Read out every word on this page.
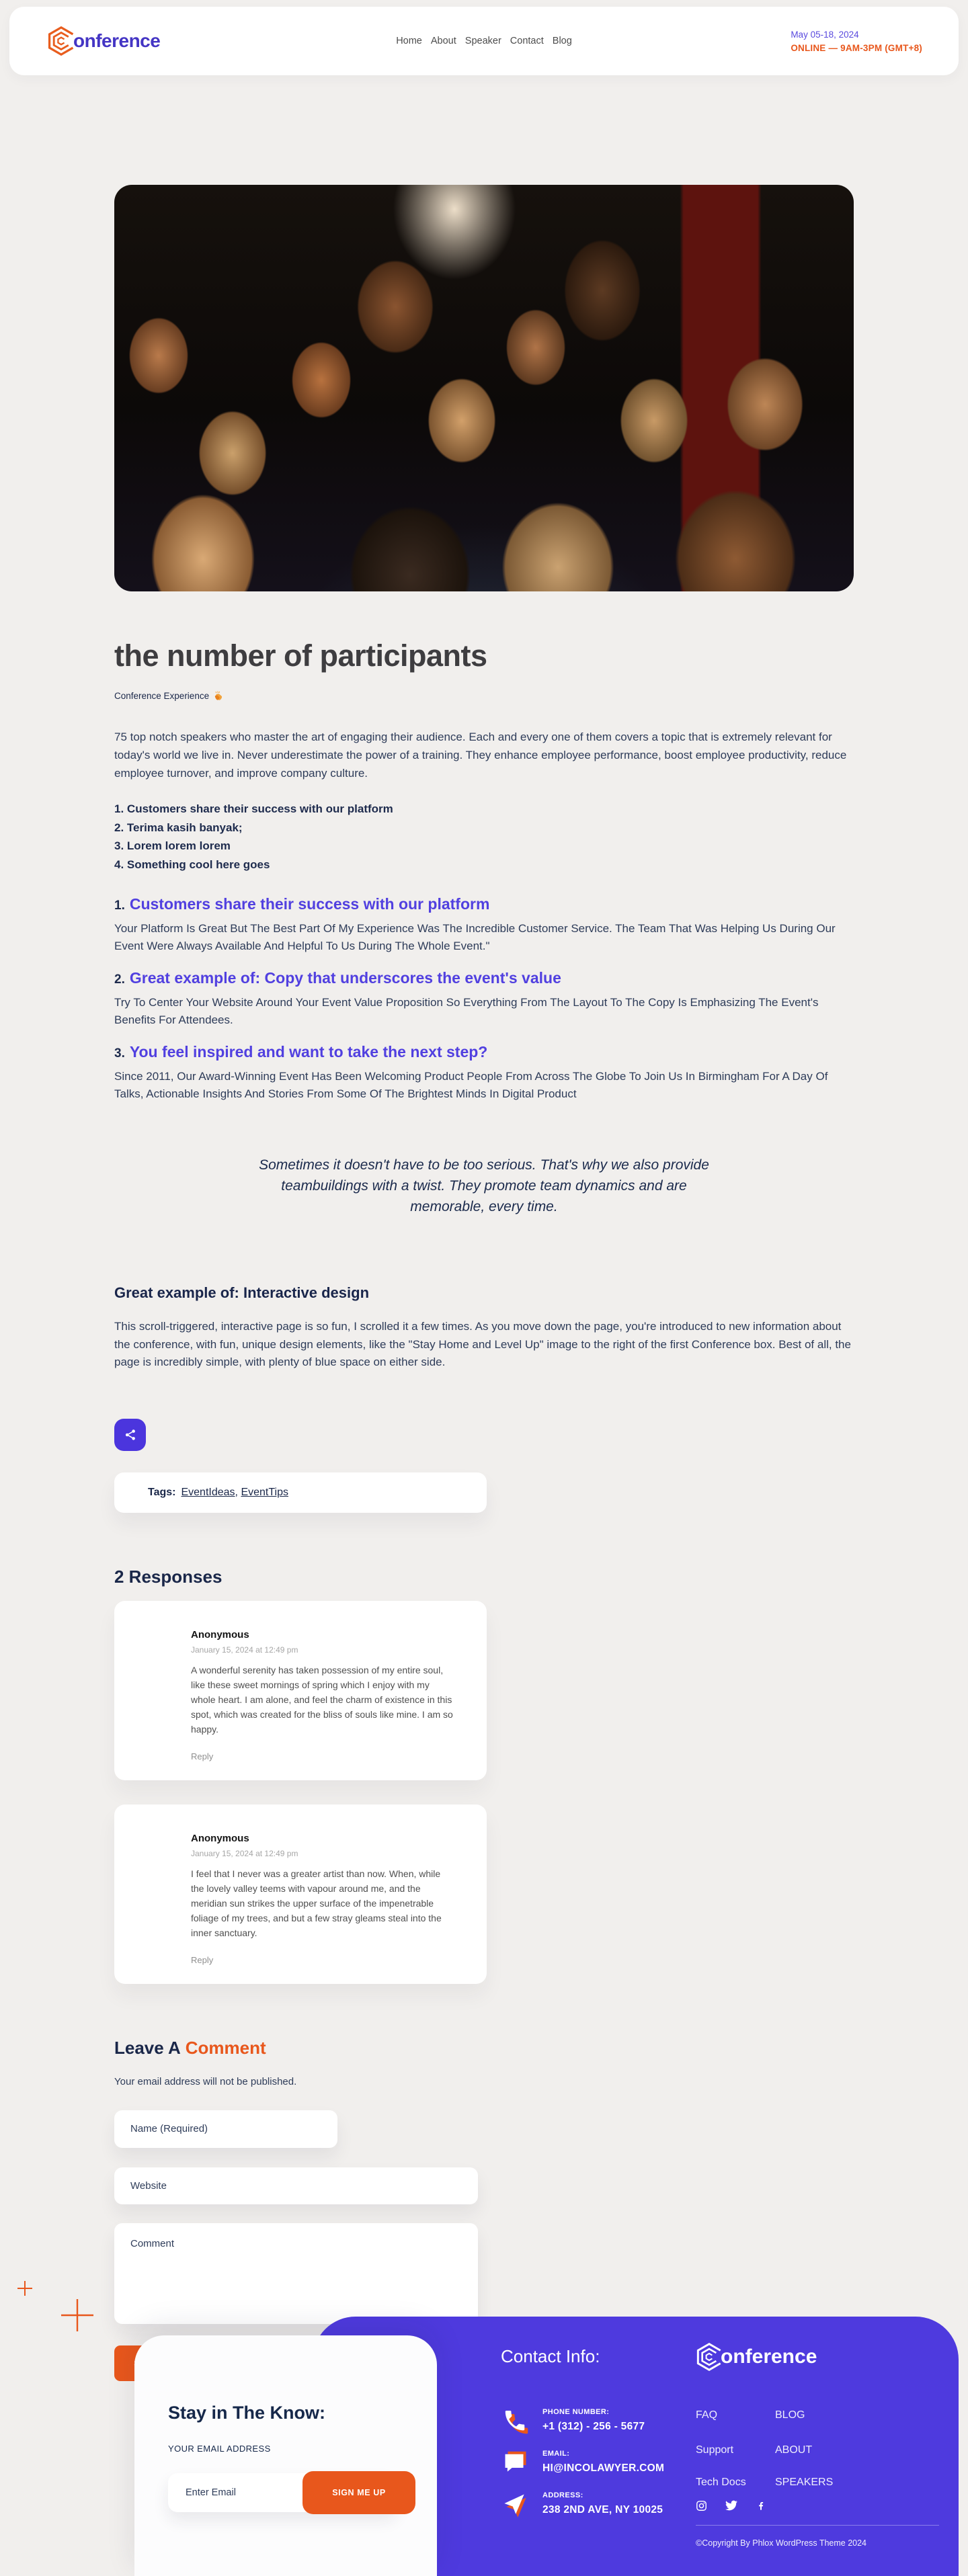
onference	Home About Speaker Contact Blog
May 05-18, 2024
ONLINE — 9AM-3PM (GMT+8)
the number of participants
Conference Experience

75 top notch speakers who master the art of engaging their audience. Each and every one of them covers a topic that is extremely relevant for today's world we live in. Never underestimate the power of a training. They enhance employee performance, boost employee productivity, reduce employee turnover, and improve company culture.

1. Customers share their success with our platform
2. Terima kasih banyak;
3. Lorem lorem lorem
4. Something cool here goes
1. Customers share their success with our platform

Your Platform Is Great But The Best Part Of My Experience Was The Incredible Customer Service. The Team That Was Helping Us During Our Event Were Always Available And Helpful To Us During The Whole Event."

2. Great example of: Copy that underscores the event's value

Try To Center Your Website Around Your Event Value Proposition So Everything From The Layout To The Copy Is Emphasizing The Event's Benefits For Attendees.

3. You feel inspired and want to take the next step?

Since 2011, Our Award-Winning Event Has Been Welcoming Product People From Across The Globe To Join Us In Birmingham For A Day Of Talks, Actionable Insights And Stories From Some Of The Brightest Minds In Digital Product

Sometimes it doesn't have to be too serious. That's why we also provide teambuildings with a twist. They promote team dynamics and are memorable, every time.
Great example of: Interactive design

This scroll-triggered, interactive page is so fun, I scrolled it a few times. As you move down the page, you're introduced to new information about the conference, with fun, unique design elements, like the "Stay Home and Level Up" image to the right of the first Conference box. Best of all, the page is incredibly simple, with plenty of blue space on either side.

Tags: EventIdeas, EventTips
2 Responses
Anonymous
January 15, 2024 at 12:49 pm
A wonderful serenity has taken possession of my entire soul, like these sweet mornings of spring which I enjoy with my whole heart. I am alone, and feel the charm of existence in this spot, which was created for the bliss of souls like mine. I am so happy.
Reply
Anonymous
January 15, 2024 at 12:49 pm
I feel that I never was a greater artist than now. When, while the lovely valley teems with vapour around me, and the meridian sun strikes the upper surface of the impenetrable foliage of my trees, and but a few stray gleams steal into the inner sanctuary.
Reply
Leave A Comment

Your email address will not be published.

Name (Required)
Website
Comment
Contact Info:
PHONE NUMBER:
+1 (312) - 256 - 5677
EMAIL:
HI@INCOLAWYER.COM
ADDRESS:
238 2ND AVE, NY 10025
onference
FAQ
Support
Tech Docs
BLOG
ABOUT
SPEAKERS
©Copyright By Phlox WordPress Theme 2024
Stay in The Know:
YOUR EMAIL ADDRESS
Enter Email
SIGN ME UP
